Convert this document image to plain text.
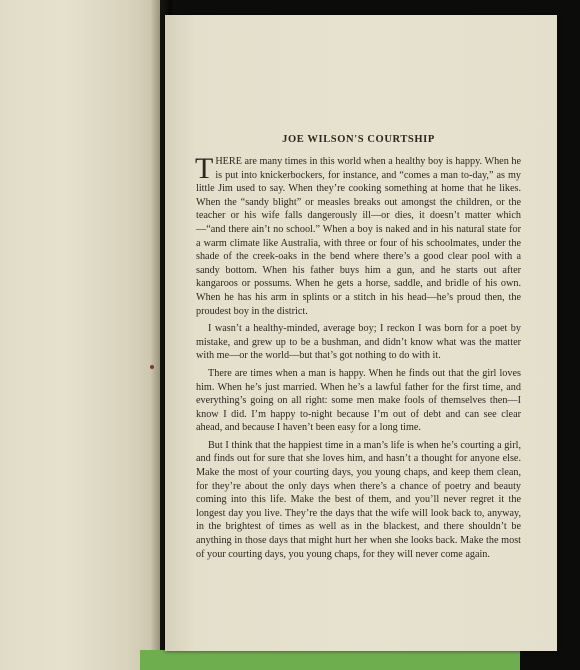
JOE WILSON'S COURTSHIP

THERE are many times in this world when a healthy boy is happy. When he is put into knickerbockers, for instance, and “comes a man to-day,” as my little Jim used to say. When they’re cooking something at home that he likes. When the “sandy blight” or measles breaks out amongst the children, or the teacher or his wife falls dangerously ill—or dies, it doesn’t matter which—“and there ain’t no school.” When a boy is naked and in his natural state for a warm climate like Australia, with three or four of his schoolmates, under the shade of the creek-oaks in the bend where there’s a good clear pool with a sandy bottom. When his father buys him a gun, and he starts out after kangaroos or possums. When he gets a horse, saddle, and bridle of his own. When he has his arm in splints or a stitch in his head—he’s proud then, the proudest boy in the district.

I wasn’t a healthy-minded, average boy; I reckon I was born for a poet by mistake, and grew up to be a bushman, and didn’t know what was the matter with me—or the world—but that’s got nothing to do with it.

There are times when a man is happy. When he finds out that the girl loves him. When he’s just married. When he’s a lawful father for the first time, and everything’s going on all right: some men make fools of themselves then—I know I did. I’m happy to-night because I’m out of debt and can see clear ahead, and because I haven’t been easy for a long time.

But I think that the happiest time in a man’s life is when he’s courting a girl, and finds out for sure that she loves him, and hasn’t a thought for anyone else. Make the most of your courting days, you young chaps, and keep them clean, for they’re about the only days when there’s a chance of poetry and beauty coming into this life. Make the best of them, and you’ll never regret it the longest day you live. They’re the days that the wife will look back to, anyway, in the brightest of times as well as in the blackest, and there shouldn’t be anything in those days that might hurt her when she looks back. Make the most of your courting days, you young chaps, for they will never come again.
